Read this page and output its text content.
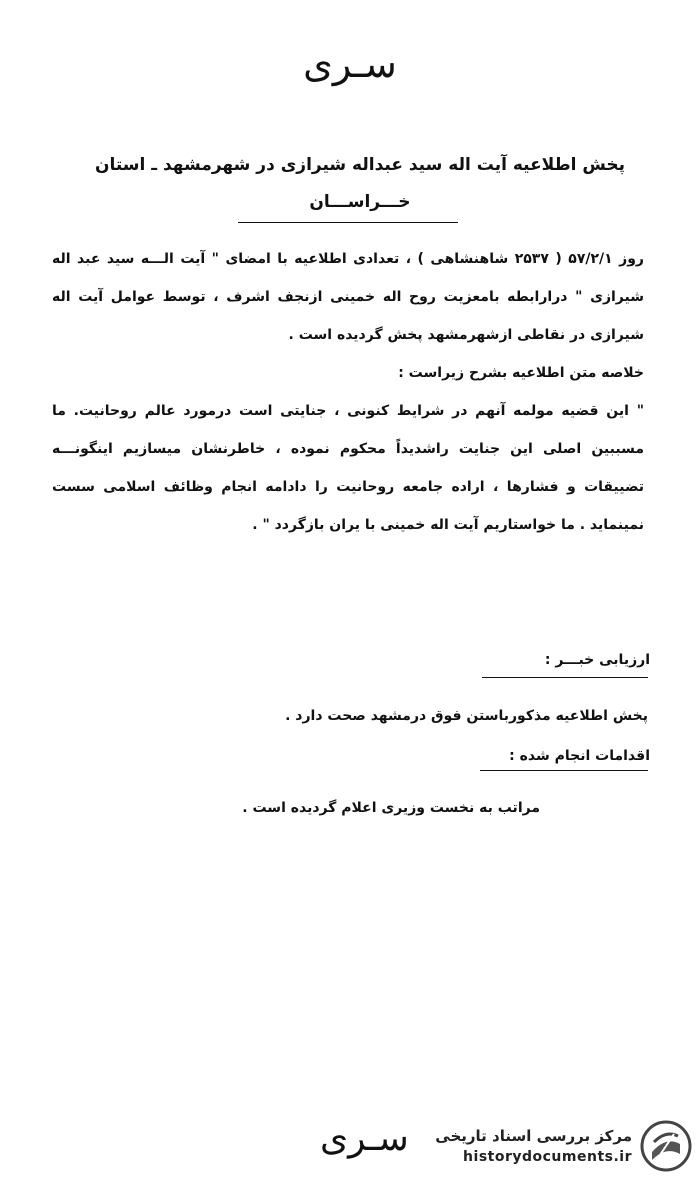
سـری
پخش اطلاعیه آیت اله سید عبداله شیرازی در شهرمشهد ـ استان
خـــراســـان

روز ۵۷/۲/۱ ( ۲۵۳۷ شاهنشاهی ) ، تعدادی اطلاعیه با امضای " آیت الـــه سید عبد اله شیرازی " درارابطه بامعزیت روح اله خمینی ازنجف اشرف ، توسط عوامل آیت اله شیرازی در نقاطی ازشهرمشهد پخش گردیده است .

خلاصه متن اطلاعیه بشرح زیراست :

" این قضیه مولمه آنهم در شرایط کنونی ، جنایتی است درمورد عالم روحانیت. ما مسببین اصلی این جنایت راشدیداً محکوم نموده ، خاطرنشان میسازیم اینگونـــه تضییقات و فشارها ، اراده جامعه روحانیت را دادامه انجام وظائف اسلامی سست نمینماید . ما خواستاریم آیت اله خمینی با یران بازگردد " .

ارزیابی خبـــر :
پخش اطلاعیه مذکورباستن فوق درمشهد صحت دارد .
اقدامات انجام شده :
مراتب به نخست وزیری اعلام گردیده است .
سـری	مرکز بررسی اسناد تاریخی
historydocuments.ir
